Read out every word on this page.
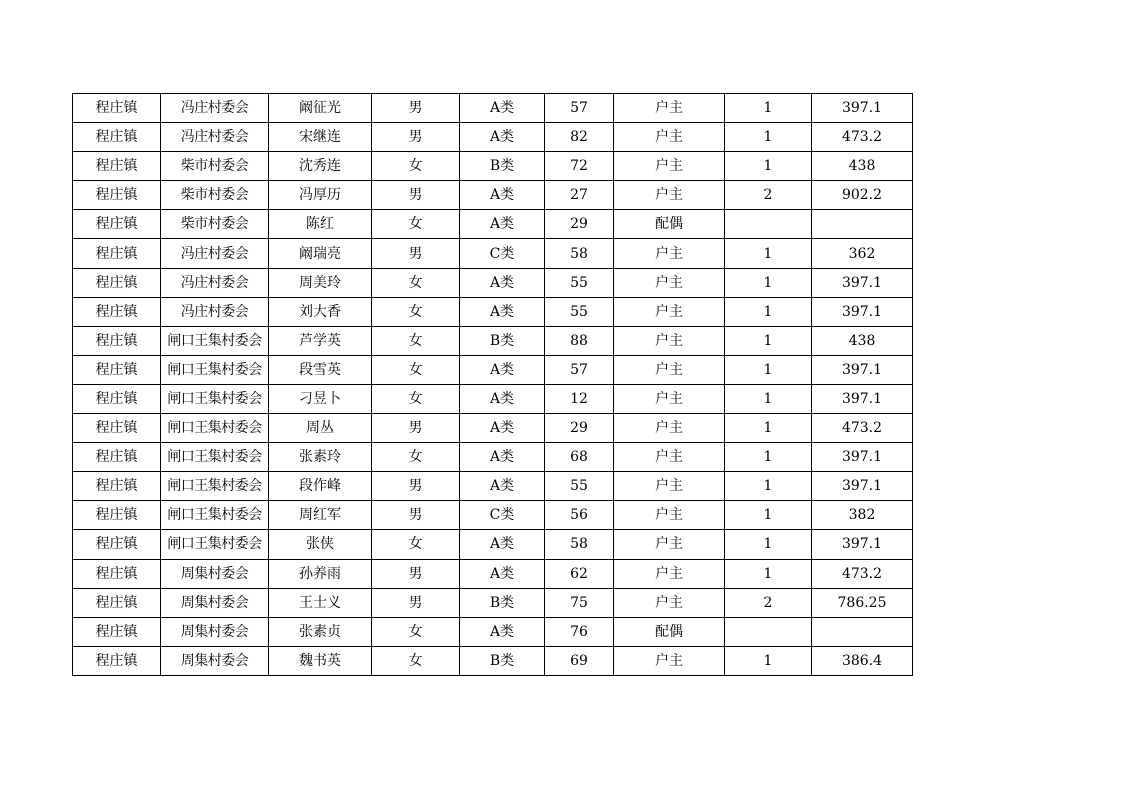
程庄镇	冯庄村委会	阚征光	男	A类	57	户主	1	397.1
程庄镇	冯庄村委会	宋继连	男	A类	82	户主	1	473.2
程庄镇	柴市村委会	沈秀连	女	B类	72	户主	1	438
程庄镇	柴市村委会	冯厚历	男	A类	27	户主	2	902.2
程庄镇	柴市村委会	陈红	女	A类	29	配偶		
程庄镇	冯庄村委会	阚瑞亮	男	C类	58	户主	1	362
程庄镇	冯庄村委会	周美玲	女	A类	55	户主	1	397.1
程庄镇	冯庄村委会	刘大香	女	A类	55	户主	1	397.1
程庄镇	闸口王集村委会	芦学英	女	B类	88	户主	1	438
程庄镇	闸口王集村委会	段雪英	女	A类	57	户主	1	397.1
程庄镇	闸口王集村委会	刁昱卜	女	A类	12	户主	1	397.1
程庄镇	闸口王集村委会	周丛	男	A类	29	户主	1	473.2
程庄镇	闸口王集村委会	张素玲	女	A类	68	户主	1	397.1
程庄镇	闸口王集村委会	段作峰	男	A类	55	户主	1	397.1
程庄镇	闸口王集村委会	周红军	男	C类	56	户主	1	382
程庄镇	闸口王集村委会	张侠	女	A类	58	户主	1	397.1
程庄镇	周集村委会	孙养雨	男	A类	62	户主	1	473.2
程庄镇	周集村委会	王士义	男	B类	75	户主	2	786.25
程庄镇	周集村委会	张素贞	女	A类	76	配偶		
程庄镇	周集村委会	魏书英	女	B类	69	户主	1	386.4
